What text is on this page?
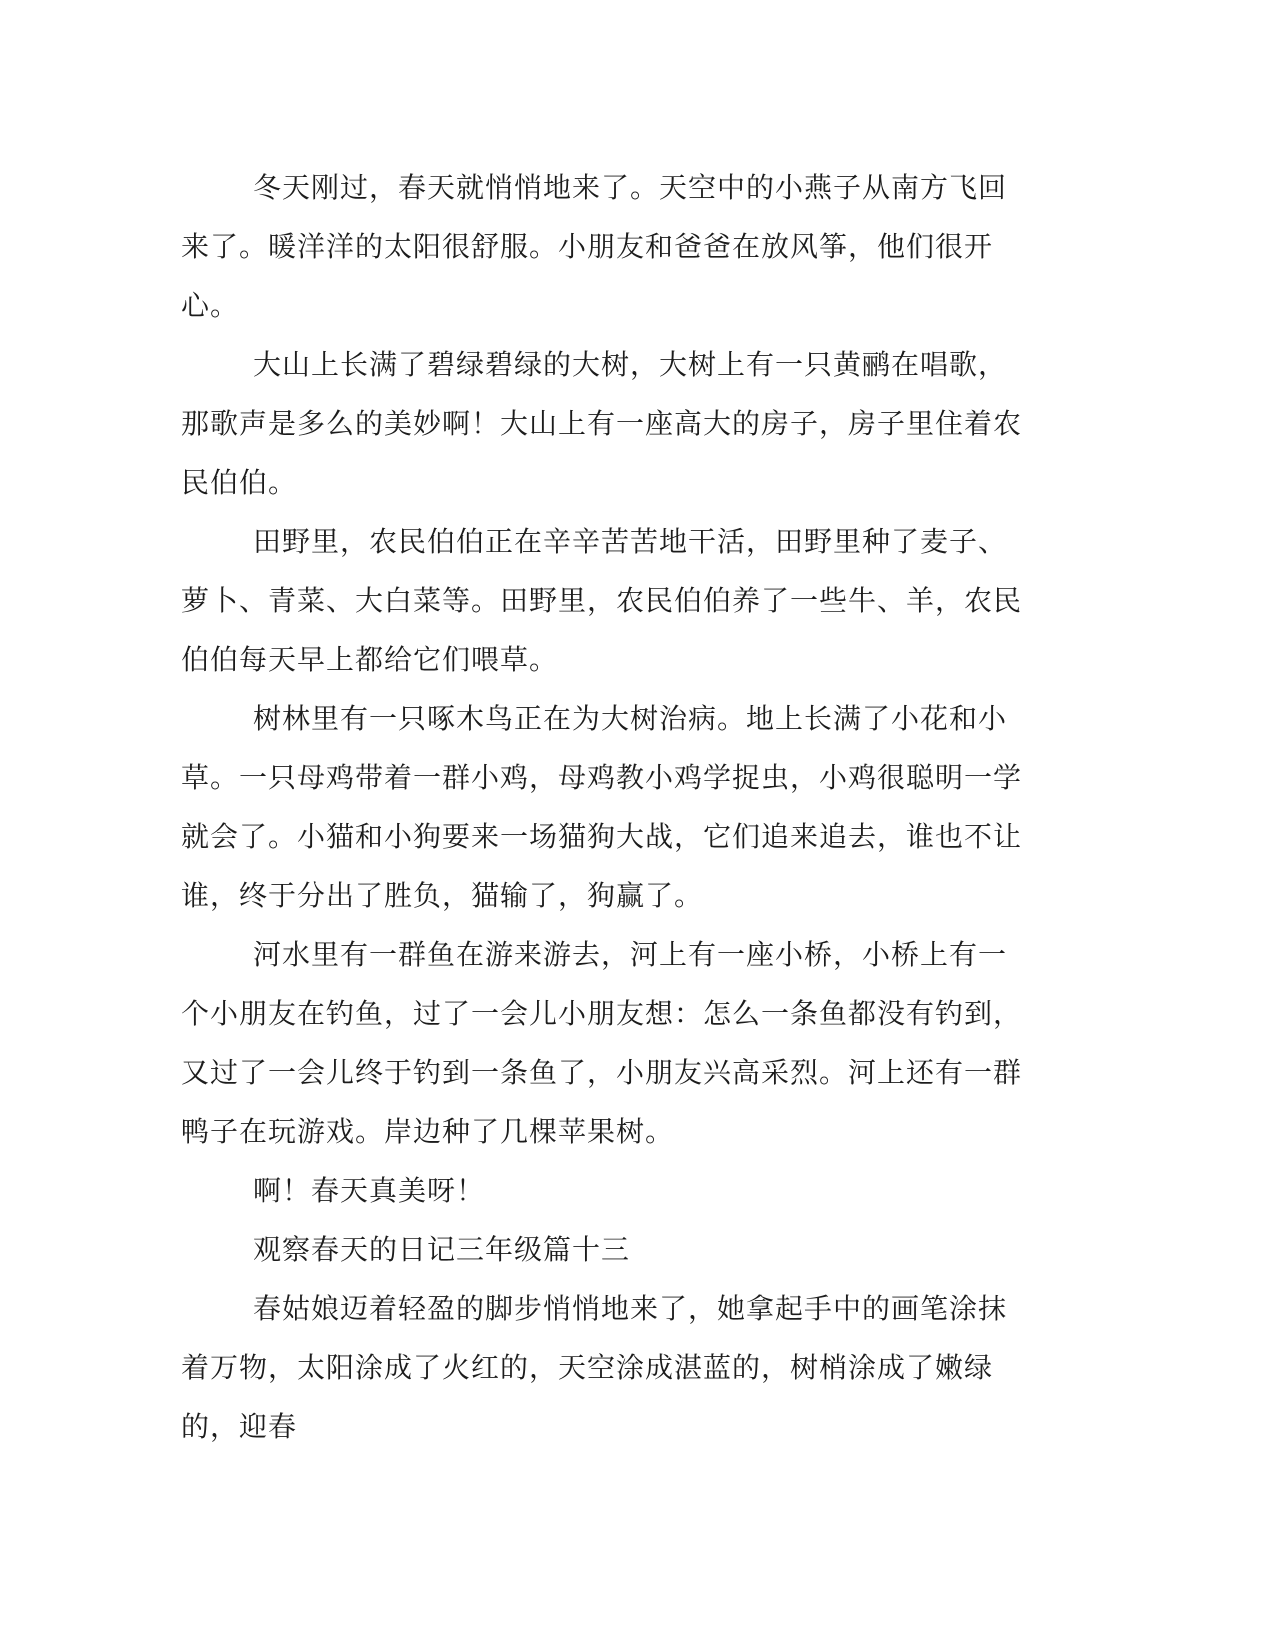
冬天刚过，春天就悄悄地来了。天空中的小燕子从南方飞回来了。暖洋洋的太阳很舒服。小朋友和爸爸在放风筝，他们很开心。

大山上长满了碧绿碧绿的大树，大树上有一只黄鹂在唱歌，那歌声是多么的美妙啊！大山上有一座高大的房子，房子里住着农民伯伯。

田野里，农民伯伯正在辛辛苦苦地干活，田野里种了麦子、萝卜、青菜、大白菜等。田野里，农民伯伯养了一些牛、羊，农民伯伯每天早上都给它们喂草。

树林里有一只啄木鸟正在为大树治病。地上长满了小花和小草。一只母鸡带着一群小鸡，母鸡教小鸡学捉虫，小鸡很聪明一学就会了。小猫和小狗要来一场猫狗大战，它们追来追去，谁也不让谁，终于分出了胜负，猫输了，狗赢了。

河水里有一群鱼在游来游去，河上有一座小桥，小桥上有一个小朋友在钓鱼，过了一会儿小朋友想：怎么一条鱼都没有钓到，又过了一会儿终于钓到一条鱼了，小朋友兴高采烈。河上还有一群鸭子在玩游戏。岸边种了几棵苹果树。

啊！春天真美呀！

观察春天的日记三年级篇十三

春姑娘迈着轻盈的脚步悄悄地来了，她拿起手中的画笔涂抹着万物，太阳涂成了火红的，天空涂成湛蓝的，树梢涂成了嫩绿的，迎春
